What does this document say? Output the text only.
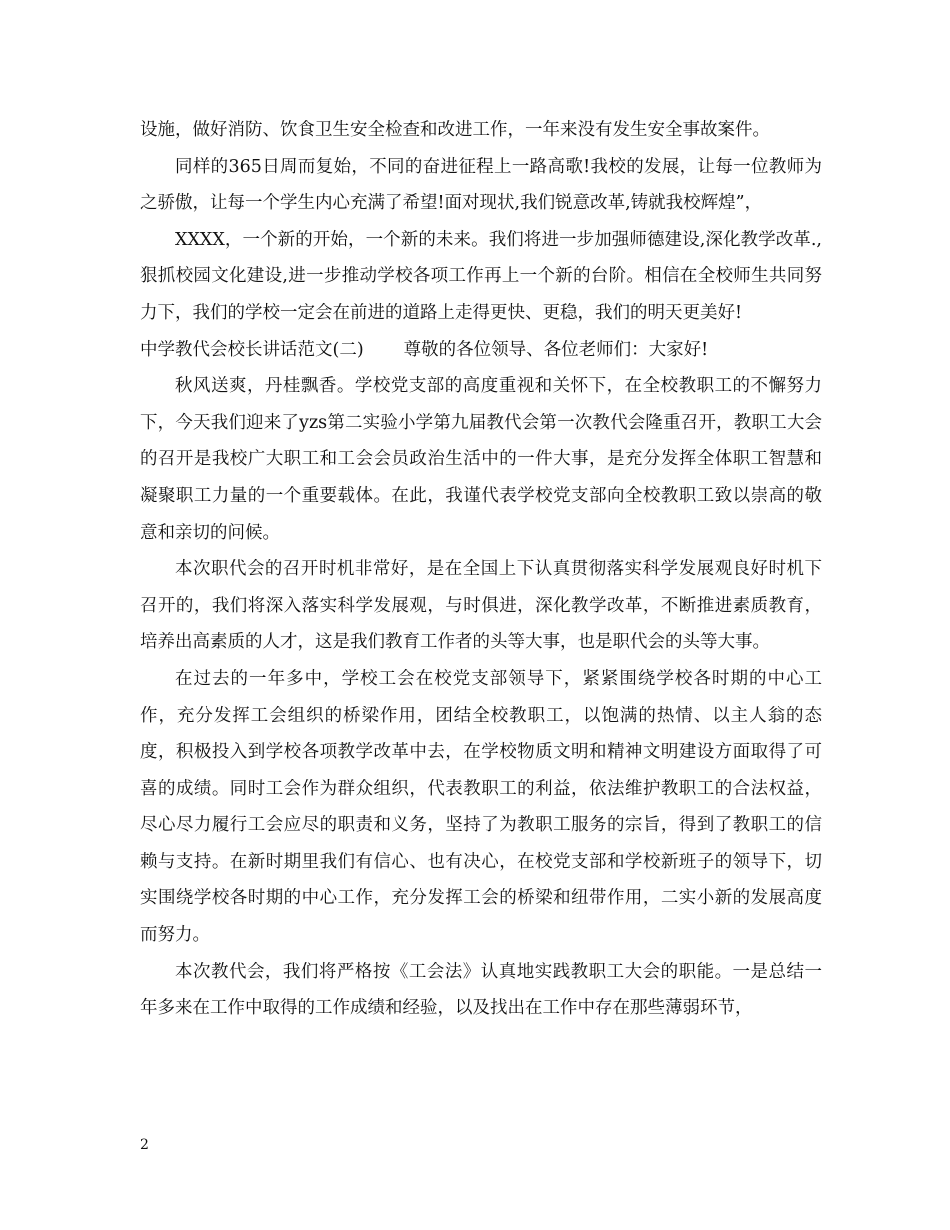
设施，做好消防、饮食卫生安全检查和改进工作，一年来没有发生安全事故案件。

同样的365日周而复始，不同的奋进征程上一路高歌!我校的发展，让每一位教师为之骄傲，让每一个学生内心充满了希望!面对现状,我们锐意改革,铸就我校辉煌”，

XXXX，一个新的开始，一个新的未来。我们将进一步加强师德建设,深化教学改革.,狠抓校园文化建设,进一步推动学校各项工作再上一个新的台阶。相信在全校师生共同努力下，我们的学校一定会在前进的道路上走得更快、更稳，我们的明天更美好!

中学教代会校长讲话范文(二) 尊敬的各位领导、各位老师们：大家好!

秋风送爽，丹桂飘香。学校党支部的高度重视和关怀下，在全校教职工的不懈努力下，今天我们迎来了yzs第二实验小学第九届教代会第一次教代会隆重召开，教职工大会的召开是我校广大职工和工会会员政治生活中的一件大事，是充分发挥全体职工智慧和凝聚职工力量的一个重要载体。在此，我谨代表学校党支部向全校教职工致以崇高的敬意和亲切的问候。

本次职代会的召开时机非常好，是在全国上下认真贯彻落实科学发展观良好时机下召开的，我们将深入落实科学发展观，与时俱进，深化教学改革，不断推进素质教育，培养出高素质的人才，这是我们教育工作者的头等大事，也是职代会的头等大事。

在过去的一年多中，学校工会在校党支部领导下，紧紧围绕学校各时期的中心工作，充分发挥工会组织的桥梁作用，团结全校教职工，以饱满的热情、以主人翁的态度，积极投入到学校各项教学改革中去，在学校物质文明和精神文明建设方面取得了可喜的成绩。同时工会作为群众组织，代表教职工的利益，依法维护教职工的合法权益，尽心尽力履行工会应尽的职责和义务，坚持了为教职工服务的宗旨，得到了教职工的信赖与支持。在新时期里我们有信心、也有决心，在校党支部和学校新班子的领导下，切实围绕学校各时期的中心工作，充分发挥工会的桥梁和纽带作用，二实小新的发展高度而努力。

本次教代会，我们将严格按《工会法》认真地实践教职工大会的职能。一是总结一年多来在工作中取得的工作成绩和经验，以及找出在工作中存在那些薄弱环节，

2
